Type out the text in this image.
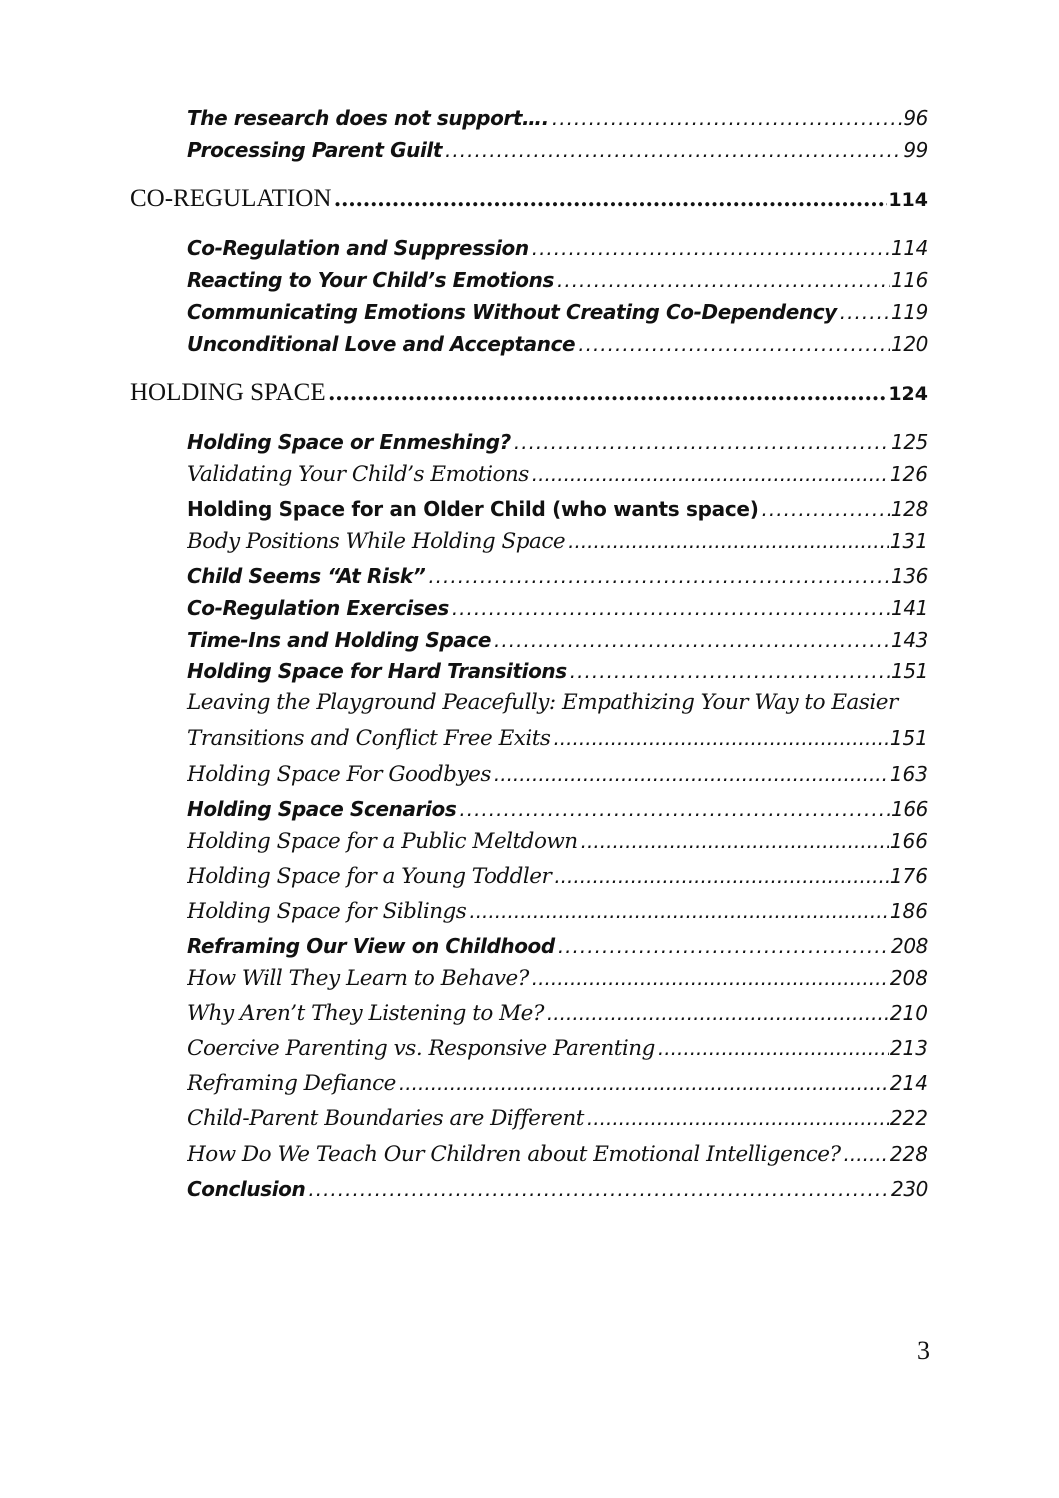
The research does not support…. .....	96
Processing Parent Guilt .....	99
CO-REGULATION .....	114
Co-Regulation and Suppression .....	114
Reacting to Your Child’s Emotions .....	116
Communicating Emotions Without Creating Co-Dependency .....	119
Unconditional Love and Acceptance .....	120
HOLDING SPACE .....	124
Holding Space or Enmeshing? .....	125
Validating Your Child’s Emotions .....	126
Holding Space for an Older Child (who wants space) .....	128
Body Positions While Holding Space .....	131
Child Seems “At Risk” .....	136
Co-Regulation Exercises .....	141
Time-Ins and Holding Space .....	143
Holding Space for Hard Transitions .....	151
Leaving the Playground Peacefully: Empathizing Your Way to Easier
Transitions and Conflict Free Exits .....	151
Holding Space For Goodbyes .....	163
Holding Space Scenarios .....	166
Holding Space for a Public Meltdown .....	166
Holding Space for a Young Toddler .....	176
Holding Space for Siblings .....	186
Reframing Our View on Childhood .....	208
How Will They Learn to Behave? .....	208
Why Aren’t They Listening to Me? .....	210
Coercive Parenting vs. Responsive Parenting .....	213
Reframing Defiance .....	214
Child-Parent Boundaries are Different .....	222
How Do We Teach Our Children about Emotional Intelligence? ..... 228
Conclusion .....	230
3
